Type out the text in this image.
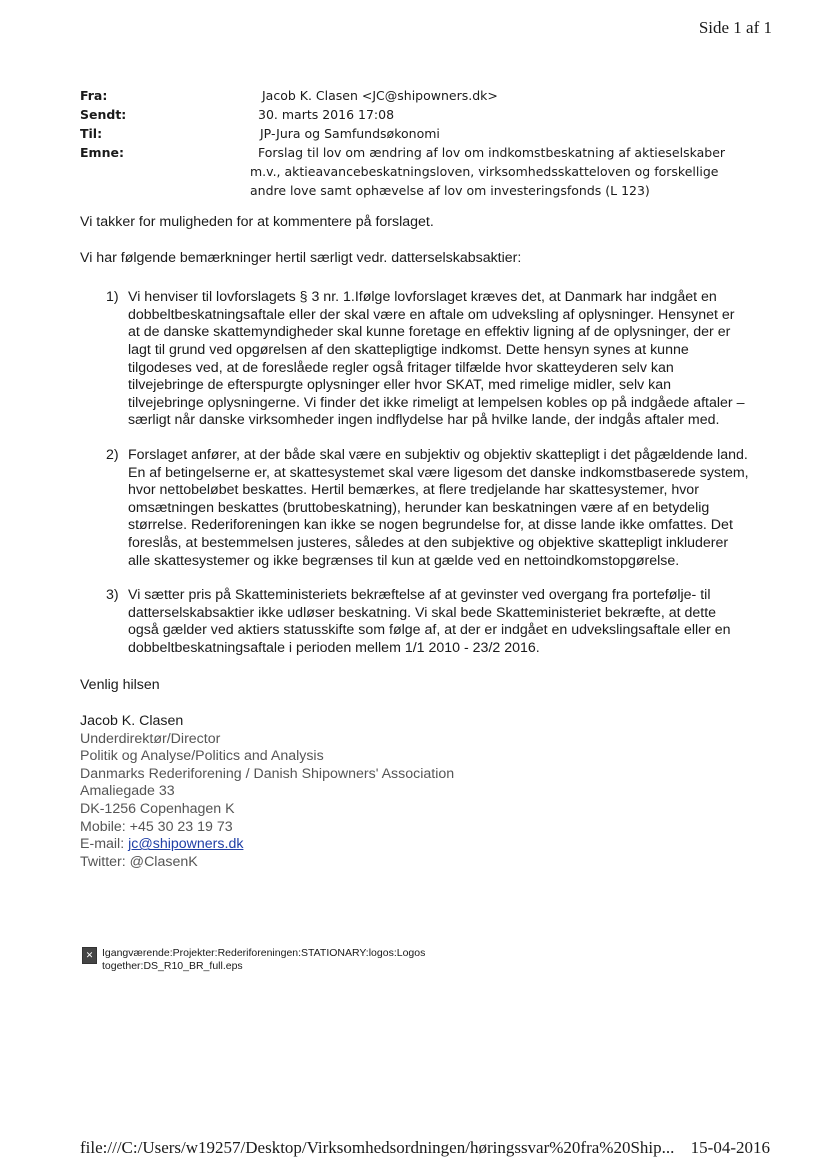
Side 1 af 1
Fra:	Jacob K. Clasen <JC@shipowners.dk>
Sendt:	30. marts 2016 17:08
Til:	JP-Jura og Samfundsøkonomi
Emne:	Forslag til lov om ændring af lov om indkomstbeskatning af aktieselskaber
m.v., aktieavancebeskatningsloven, virksomhedsskatteloven og forskellige
andre love samt ophævelse af lov om investeringsfonds (L 123)

Vi takker for muligheden for at kommentere på forslaget.

Vi har følgende bemærkninger hertil særligt vedr. datterselskabsaktier:

1) Vi henviser til lovforslagets § 3 nr. 1.Ifølge lovforslaget kræves det, at Danmark har indgået en dobbeltbeskatningsaftale eller der skal være en aftale om udveksling af oplysninger. Hensynet er at de danske skattemyndigheder skal kunne foretage en effektiv ligning af de oplysninger, der er lagt til grund ved opgørelsen af den skattepligtige indkomst. Dette hensyn synes at kunne tilgodeses ved, at de foreslåede regler også fritager tilfælde hvor skatteyderen selv kan tilvejebringe de efterspurgte oplysninger eller hvor SKAT, med rimelige midler, selv kan tilvejebringe oplysningerne. Vi finder det ikke rimeligt at lempelsen kobles op på indgåede aftaler – særligt når danske virksomheder ingen indflydelse har på hvilke lande, der indgås aftaler med.
2) Forslaget anfører, at der både skal være en subjektiv og objektiv skattepligt i det pågældende land. En af betingelserne er, at skattesystemet skal være ligesom det danske indkomstbaserede system, hvor nettobeløbet beskattes. Hertil bemærkes, at flere tredjelande har skattesystemer, hvor omsætningen beskattes (bruttobeskatning), herunder kan beskatningen være af en betydelig størrelse. Rederiforeningen kan ikke se nogen begrundelse for, at disse lande ikke omfattes. Det foreslås, at bestemmelsen justeres, således at den subjektive og objektive skattepligt inkluderer alle skattesystemer og ikke begrænses til kun at gælde ved en nettoindkomstopgørelse.
3) Vi sætter pris på Skatteministeriets bekræftelse af at gevinster ved overgang fra portefølje- til datterselskabsaktier ikke udløser beskatning. Vi skal bede Skatteministeriet bekræfte, at dette også gælder ved aktiers statusskifte som følge af, at der er indgået en udvekslingsaftale eller en dobbeltbeskatningsaftale i perioden mellem 1/1 2010 - 23/2 2016.

Venlig hilsen

Jacob K. Clasen
Underdirektør/Director
Politik og Analyse/Politics and Analysis
Danmarks Rederiforening / Danish Shipowners' Association
Amaliegade 33
DK-1256 Copenhagen K
Mobile: +45 30 23 19 73
E-mail: jc@shipowners.dk
Twitter: @ClasenK
✕ Igangværende:Projekter:Rederiforeningen:STATIONARY:logos:Logos
together:DS_R10_BR_full.eps
file:///C:/Users/w19257/Desktop/Virksomhedsordningen/høringssvar%20fra%20Ship... 15-04-2016
